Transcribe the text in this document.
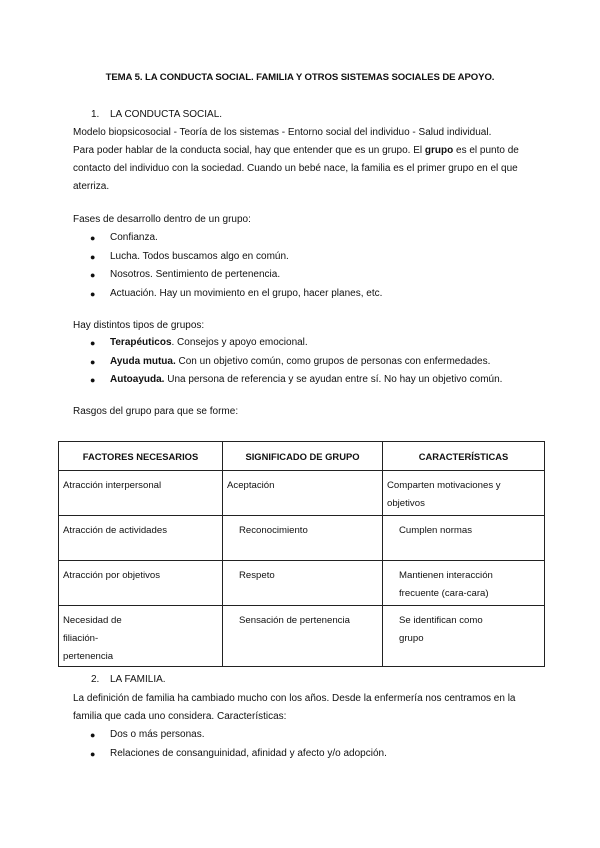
TEMA 5. LA CONDUCTA SOCIAL. FAMILIA Y OTROS SISTEMAS SOCIALES DE APOYO.
1. LA CONDUCTA SOCIAL.
Modelo biopsicosocial - Teoría de los sistemas - Entorno social del individuo - Salud individual.
Para poder hablar de la conducta social, hay que entender que es un grupo. El grupo es el punto de
contacto del individuo con la sociedad. Cuando un bebé nace, la familia es el primer grupo en el que
aterriza.
Fases de desarrollo dentro de un grupo:
● Confianza.
● Lucha. Todos buscamos algo en común.
● Nosotros. Sentimiento de pertenencia.
● Actuación. Hay un movimiento en el grupo, hacer planes, etc.
Hay distintos tipos de grupos:
● Terapéuticos. Consejos y apoyo emocional.
● Ayuda mutua. Con un objetivo común, como grupos de personas con enfermedades.
● Autoayuda. Una persona de referencia y se ayudan entre sí. No hay un objetivo común.
Rasgos del grupo para que se forme:
FACTORES NECESARIOS	SIGNIFICADO DE GRUPO	CARACTERÍSTICAS

Atracción interpersonal	Aceptación	Comparten motivaciones y objetivos

Atracción de actividades	Reconocimiento	Cumplen normas

Atracción por objetivos	Respeto	Mantienen interacción frecuente (cara-cara)

Necesidad de filiación-pertenencia	Sensación de pertenencia	Se identifican como grupo
2. LA FAMILIA.
La definición de familia ha cambiado mucho con los años. Desde la enfermería nos centramos en la
familia que cada uno considera. Características:
● Dos o más personas.
● Relaciones de consanguinidad, afinidad y afecto y/o adopción.
